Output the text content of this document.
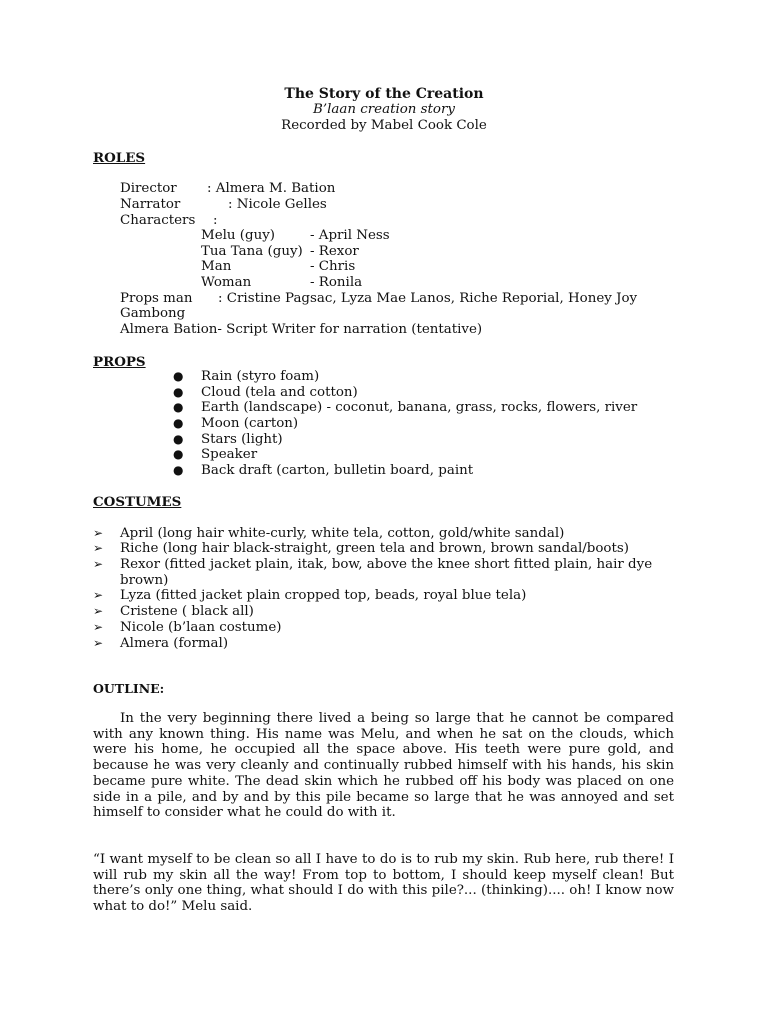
The Story of the Creation
B’laan creation story
Recorded by Mabel Cook Cole
ROLES
Director : Almera M. Bation
Narrator	: Nicole Gelles
Characters :
Melu (guy)	- April Ness
Tua Tana (guy) - Rexor
Man	- Chris
Woman	- Ronila
Props man : Cristine Pagsac, Lyza Mae Lanos, Riche Reporial, Honey Joy
Gambong
Almera Bation- Script Writer for narration (tentative)
PROPS
● Rain (styro foam)
● Cloud (tela and cotton)
● Earth (landscape) - coconut, banana, grass, rocks, flowers, river
● Moon (carton)
● Stars (light)
● Speaker
● Back draft (carton, bulletin board, paint
COSTUMES
➢ April (long hair white-curly, white tela, cotton, gold/white sandal)
➢ Riche (long hair black-straight, green tela and brown, brown sandal/boots)
➢ Rexor (fitted jacket plain, itak, bow, above the knee short fitted plain, hair dye
brown)
➢ Lyza (fitted jacket plain cropped top, beads, royal blue tela)
➢ Cristene ( black all)
➢ Nicole (b’laan costume)
➢ Almera (formal)
OUTLINE:

In the very beginning there lived a being so large that he cannot be compared with any known thing. His name was Melu, and when he sat on the clouds, which were his home, he occupied all the space above. His teeth were pure gold, and because he was very cleanly and continually rubbed himself with his hands, his skin became pure white. The dead skin which he rubbed off his body was placed on one side in a pile, and by and by this pile became so large that he was annoyed and set himself to consider what he could do with it.

“I want myself to be clean so all I have to do is to rub my skin. Rub here, rub there! I will rub my skin all the way! From top to bottom, I should keep myself clean! But there’s only one thing, what should I do with this pile?... (thinking).... oh! I know now what to do!” Melu said.
